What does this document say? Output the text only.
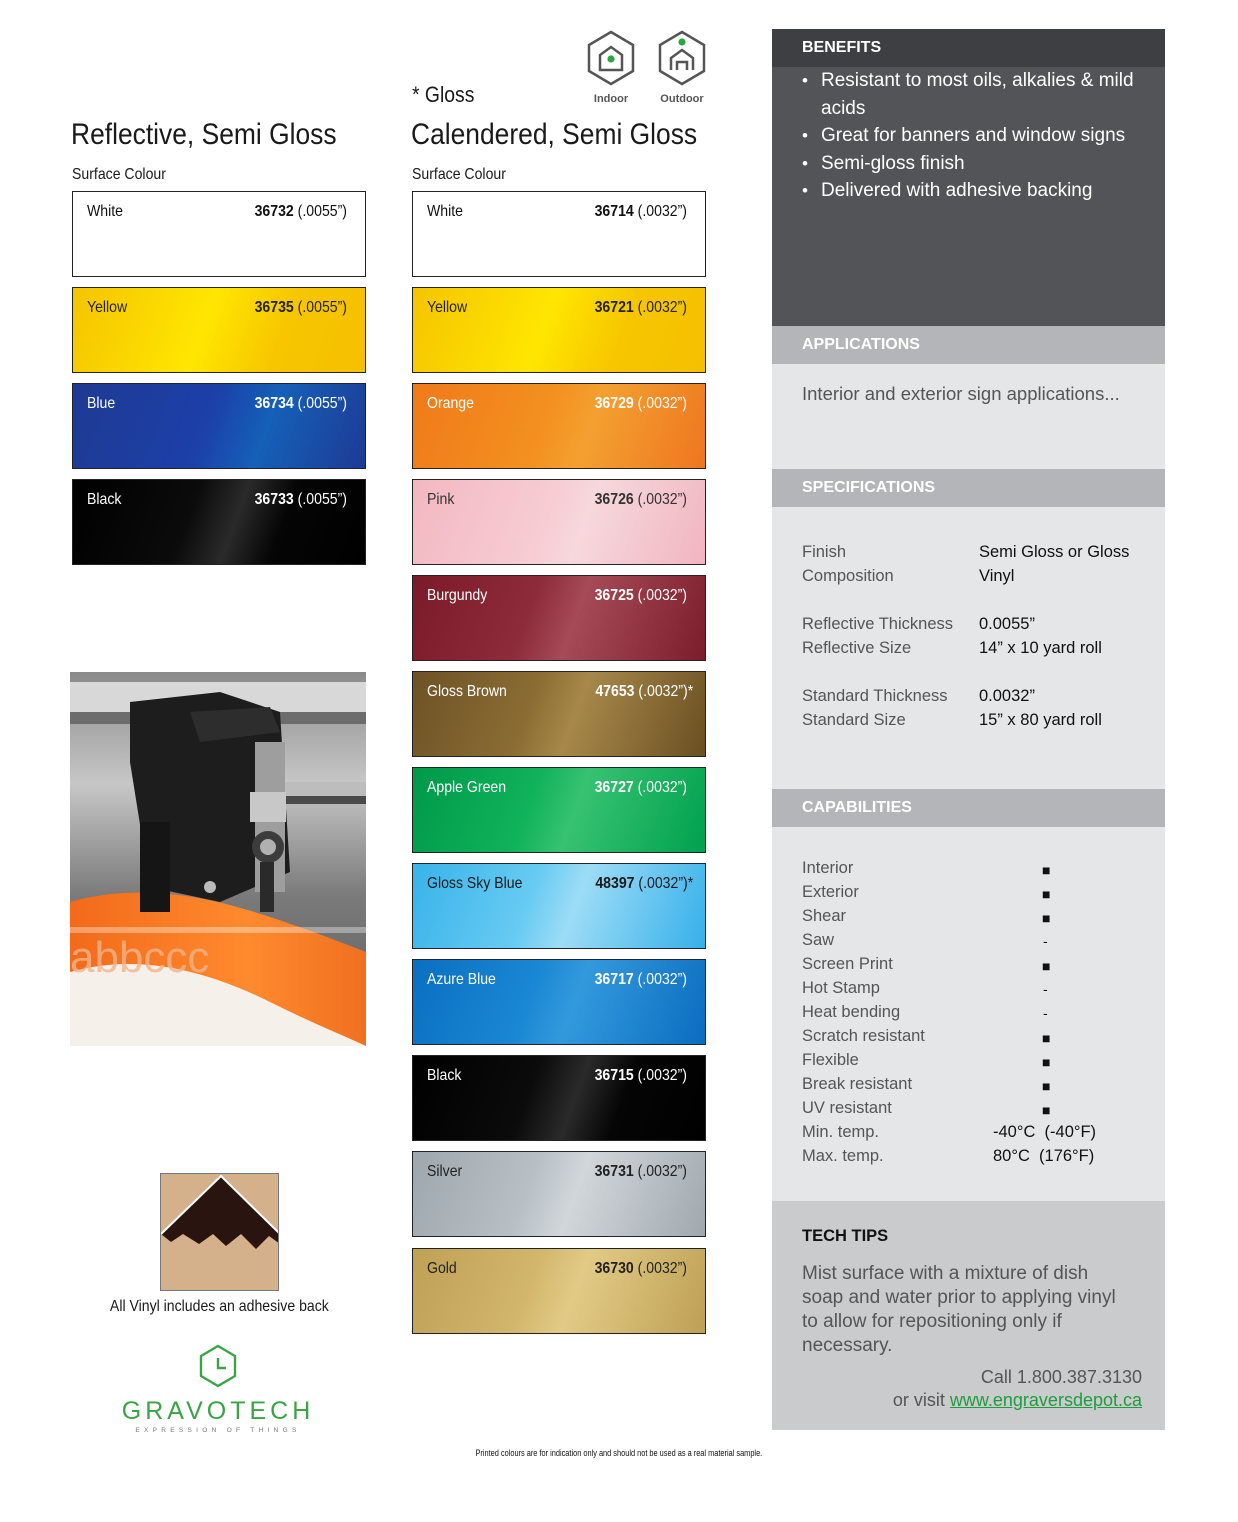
Reflective, Semi Gloss
Surface Colour
White	36732 (.0055”)
Yellow	36735 (.0055”)
Blue	36734 (.0055”)
Black	36733 (.0055”)
abbccc
All Vinyl includes an adhesive back
GRAVOTECH
EXPRESSION OF THINGS
Printed colours are for indication only and should not be used as a real material sample.
Indoor	Outdoor
* Gloss
Calendered, Semi Gloss
Surface Colour
White	36714 (.0032”)
Yellow	36721 (.0032”)
Orange	36729 (.0032”)
Pink	36726 (.0032”)
Burgundy	36725 (.0032”)
Gloss Brown	47653 (.0032”)*
Apple Green	36727 (.0032”)
Gloss Sky Blue	48397 (.0032”)*
Azure Blue	36717 (.0032”)
Black	36715 (.0032”)
Silver	36731 (.0032”)
Gold	36730 (.0032”)
BENEFITS
• Resistant to most oils, alkalies & mild acids
• Great for banners and window signs
• Semi-gloss finish
• Delivered with adhesive backing
APPLICATIONS
Interior and exterior sign applications...
SPECIFICATIONS
Finish	Semi Gloss or Gloss
Composition	Vinyl
Reflective Thickness 0.0055”
Reflective Size	14” x 10 yard roll
Standard Thickness 0.0032”
Standard Size	15” x 80 yard roll
CAPABILITIES
Interior	■
Exterior	■
Shear	■
Saw	-
Screen Print	■
Hot Stamp	-
Heat bending	-
Scratch resistant	■
Flexible	■
Break resistant	■
UV resistant	■
Min. temp.	-40°C  (-40°F)
Max. temp.	80°C  (176°F)
TECH TIPS
Mist surface with a mixture of dish soap and water prior to applying vinyl to allow for repositioning only if necessary.
Call 1.800.387.3130
or visit www.engraversdepot.ca
